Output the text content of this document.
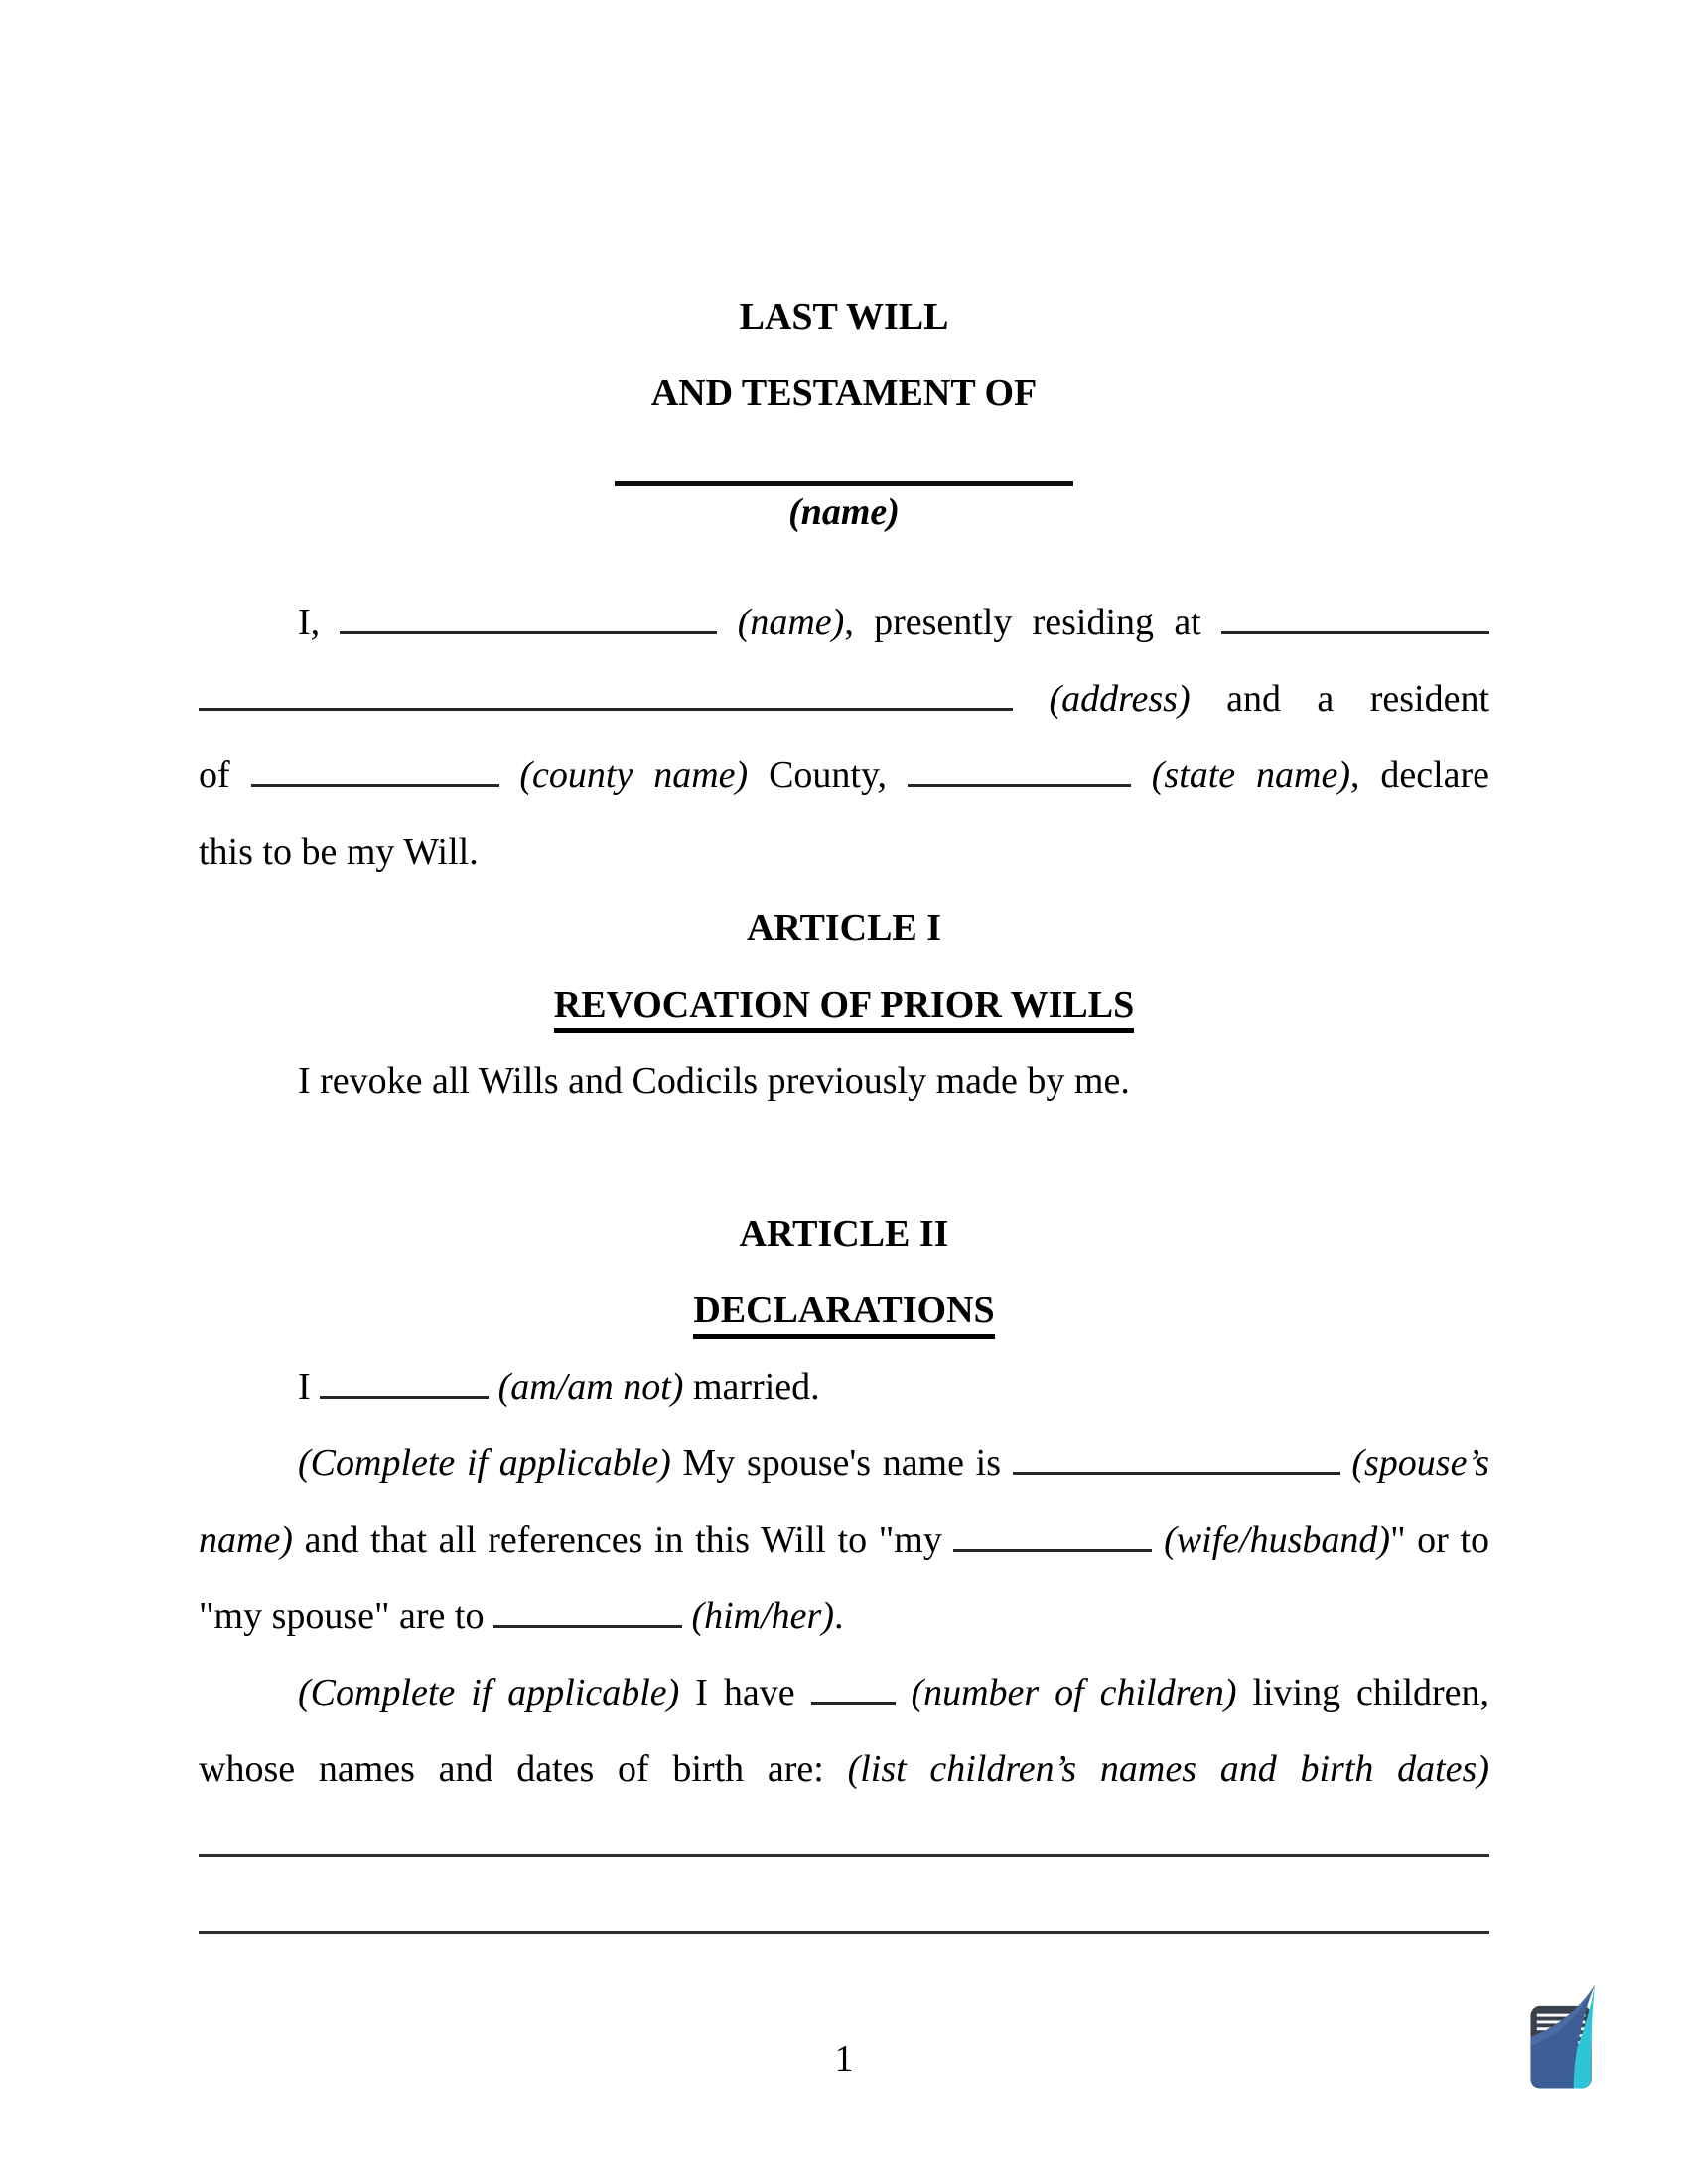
LAST WILL
AND TESTAMENT OF
(name)
I,	(name), presently residing at
(address) and a resident
of	(county name) County,	(state name), declare
this to be my Will.
ARTICLE I
REVOCATION OF PRIOR WILLS
I revoke all Wills and Codicils previously made by me.
ARTICLE II
DECLARATIONS
I	(am/am not) married.
(Complete if applicable) My spouse's name is	(spouse’s
name) and that all references in this Will to "my	(wife/husband)" or to
"my spouse" are to	(him/her).
(Complete if applicable) I have	(number of children) living children,
whose names and dates of birth are: (list children’s names and birth dates)
1
